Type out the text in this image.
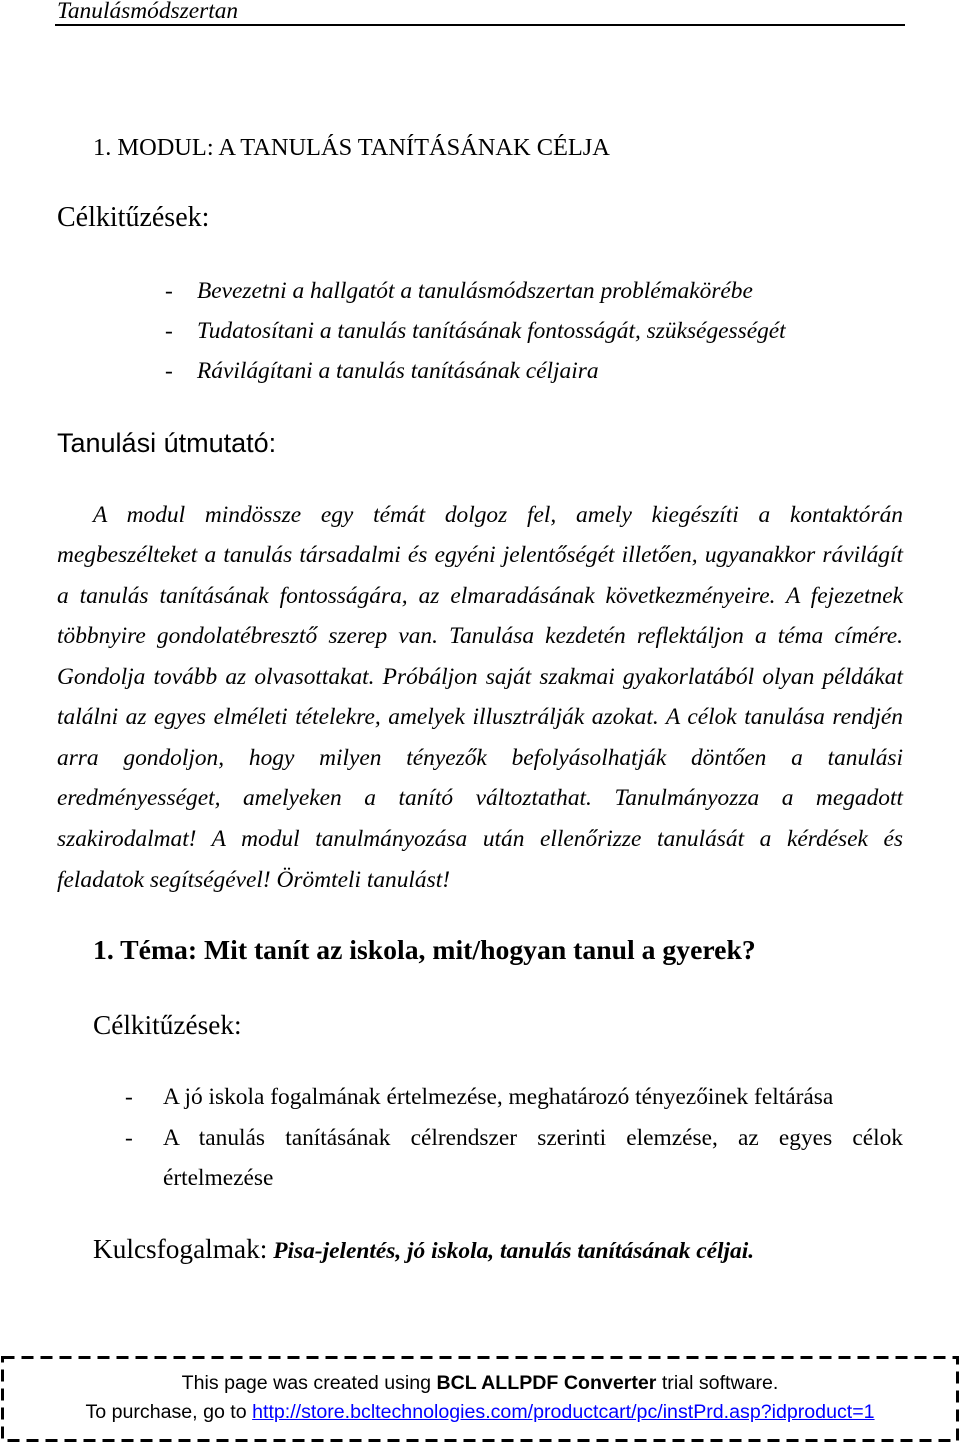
Tanulásmódszertan
1. MODUL: A TANULÁS TANÍTÁSÁNAK CÉLJA
Célkitűzések:
- Bevezetni a hallgatót a tanulásmódszertan problémakörébe
- Tudatosítani a tanulás tanításának fontosságát, szükségességét
- Rávilágítani a tanulás tanításának céljaira
Tanulási útmutató:
A modul mindössze egy témát dolgoz fel, amely kiegészíti a kontaktórán
megbeszélteket a tanulás társadalmi és egyéni jelentőségét illetően, ugyanakkor rávilágít
a tanulás tanításának fontosságára, az elmaradásának következményeire. A fejezetnek
többnyire gondolatébresztő szerep van. Tanulása kezdetén reflektáljon a téma címére.
Gondolja tovább az olvasottakat. Próbáljon saját szakmai gyakorlatából olyan példákat
találni az egyes elméleti tételekre, amelyek illusztrálják azokat. A célok tanulása rendjén
arra gondoljon, hogy milyen tényezők befolyásolhatják döntően a tanulási
eredményességet, amelyeken a tanító változtathat. Tanulmányozza a megadott
szakirodalmat! A modul tanulmányozása után ellenőrizze tanulását a kérdések és
feladatok segítségével! Örömteli tanulást!
1. Téma: Mit tanít az iskola, mit/hogyan tanul a gyerek?
Célkitűzések:
- A jó iskola fogalmának értelmezése, meghatározó tényezőinek feltárása
- A tanulás tanításának célrendszer szerinti elemzése, az egyes célok
értelmezése

Kulcsfogalmak: Pisa-jelentés, jó iskola, tanulás tanításának céljai.

This page was created using BCL ALLPDF Converter trial software.
To purchase, go to http://store.bcltechnologies.com/productcart/pc/instPrd.asp?idproduct=1
